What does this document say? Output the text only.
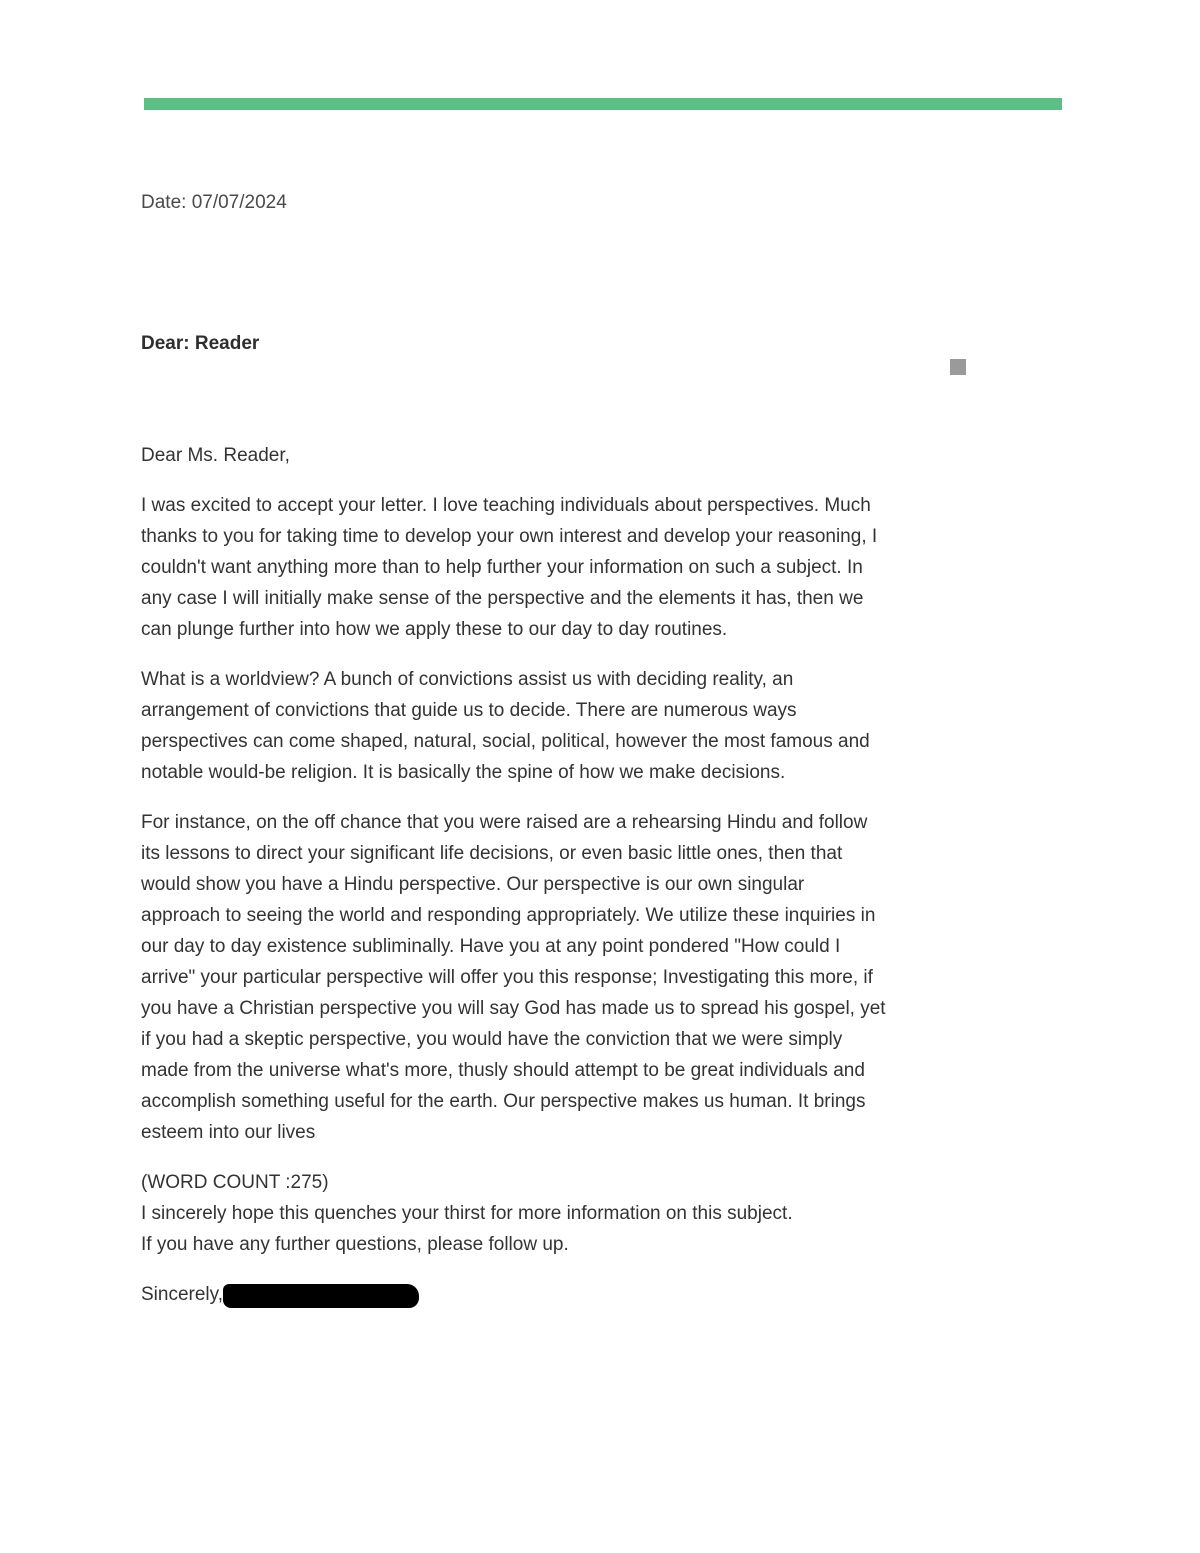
Date: 07/07/2024
Dear: Reader

Dear Ms. Reader,

I was excited to accept your letter. I love teaching individuals about perspectives. Much thanks to you for taking time to develop your own interest and develop your reasoning, I couldn't want anything more than to help further your information on such a subject. In any case I will initially make sense of the perspective and the elements it has, then we can plunge further into how we apply these to our day to day routines.

What is a worldview? A bunch of convictions assist us with deciding reality, an arrangement of convictions that guide us to decide. There are numerous ways perspectives can come shaped, natural, social, political, however the most famous and notable would-be religion. It is basically the spine of how we make decisions.

For instance, on the off chance that you were raised are a rehearsing Hindu and follow its lessons to direct your significant life decisions, or even basic little ones, then that would show you have a Hindu perspective. Our perspective is our own singular approach to seeing the world and responding appropriately. We utilize these inquiries in our day to day existence subliminally. Have you at any point pondered "How could I arrive" your particular perspective will offer you this response; Investigating this more, if you have a Christian perspective you will say God has made us to spread his gospel, yet if you had a skeptic perspective, you would have the conviction that we were simply made from the universe what's more, thusly should attempt to be great individuals and accomplish something useful for the earth. Our perspective makes us human. It brings esteem into our lives

(WORD COUNT :275)
I sincerely hope this quenches your thirst for more information on this subject.
If you have any further questions, please follow up.

Sincerely,
